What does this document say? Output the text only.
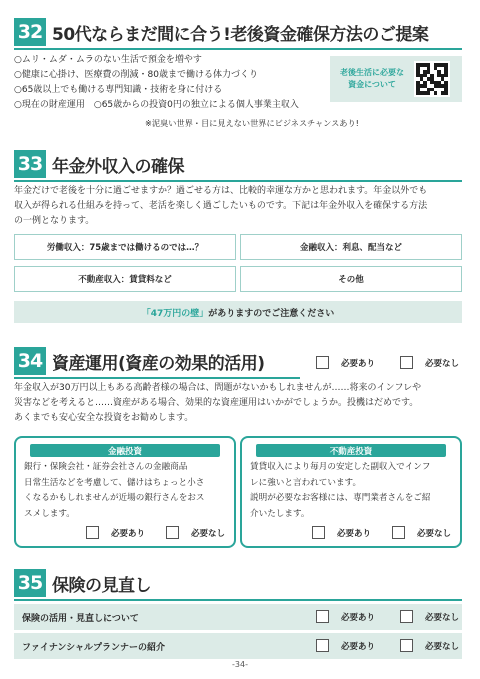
32 50代ならまだ間に合う!老後資金確保方法のご提案
○ムリ・ムダ・ムラのない生活で預金を増やす
○健康に心掛け、医療費の削減・80歳まで働ける体力づくり
○65歳以上でも働ける専門知識・技術を身に付ける
○現在の財産運用　○65歳からの投資0円の独立による個人事業主収入
※泥臭い世界・目に見えない世界にビジネスチャンスあり!
老後生活に必要な
資金について
33 年金外収入の確保
年金だけで老後を十分に過ごせますか？過ごせる方は、比較的幸運な方かと思われます。年金以外でも
収入が得られる仕組みを持って、老活を楽しく過ごしたいものです。下記は年金外収入を確保する方法
の一例となります。
労働収入：75歳までは働けるのでは…？	金融収入：利息、配当など
不動産収入：賃貸料など	その他
「47万円の壁」 がありますのでご注意ください
34 資産運用(資産の効果的活用)	必要あり	必要なし
年金収入が30万円以上もある高齢者様の場合は、問題がないかもしれませんが……将来のインフレや
災害などを考えると……資産がある場合、効果的な資産運用はいかがでしょうか。投機はだめです。
あくまでも安心安全な投資をお勧めします。
金融投資
銀行・保険会社・証券会社さんの金融商品
日常生活などを考慮して、儲けはちょっと小さ
くなるかもしれませんが近場の銀行さんをおス
スメします。
必要あり	必要なし
不動産投資
賃貸収入により毎月の安定した副収入でインフ
レに強いと言われています。
説明が必要なお客様には、専門業者さんをご紹
介いたします。
必要あり	必要なし
35 保険の見直し
保険の活用・見直しについて	必要あり	必要なし
ファイナンシャルプランナーの紹介	必要あり	必要なし
-34-
